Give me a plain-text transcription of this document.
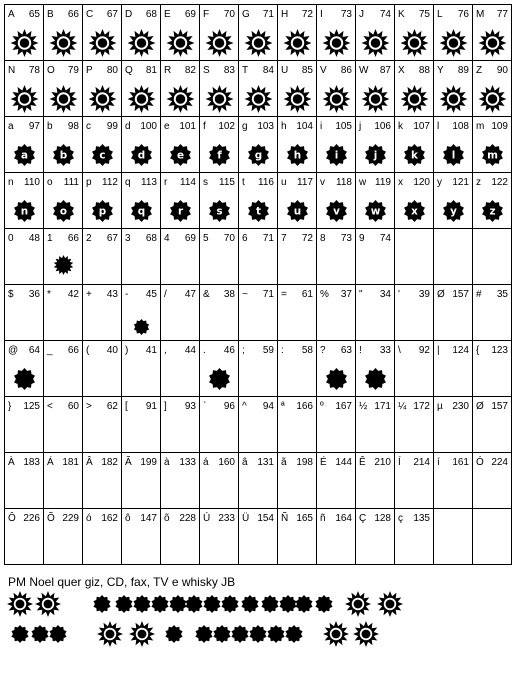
A 65 B 66 C 67 D 68 E 69 F 70 G 71 H 72 I 73 J 74 K 75 L 76 M 77
N 78 O 79 P 80 Q 81 R 82 S 83 T 84 U 85 V 86 W 87 X 88 Y 89 Z 90
a 97
a
b 98
b
c 99
c
d 100
d
e 101
e
f 102
f
g 103
g
h 104
h
i 105
i
j 106
j
k 107
k
l 108
l
m 109
m
n 110
n
o 111
o
p 112
p
q 113
q
r 114
r
s 115
s
t 116
t
u 117
u
v 118
v
w 119
w
x 120
x
y 121
y
z 122
z
0 48 1 66 2 67 3 68 4 69 5 70 6 71 7 72 8 73 9 74
$ 36 * 42 + 43 - 45 / 47 & 38 ~ 71 = 61 % 37 " 34 ' 39 Ø 157 # 35
@ 64 _ 66 ( 40 ) 41 , 44 . 46 ; 59 : 58 ? 63 ! 33 \ 92 | 124 { 123
} 125 < 60 > 62 [ 91 ] 93 ` 96 ^ 94 ª 166 º 167 ½ 171 ¼ 172 µ 230 Ø 157
À 183 Á 181 Â 182 Ã 199 à 133 á 160 â 131 ã 198 É 144 Ê 210 Í 214 í 161 Ó 224
Ô 226 Õ 229 ó 162 ô 147 õ 228 Ú 233 Ü 154 Ñ 165 ñ 164 Ç 128 ç 135
PM Noel quer giz, CD, fax, TV e whisky JB
